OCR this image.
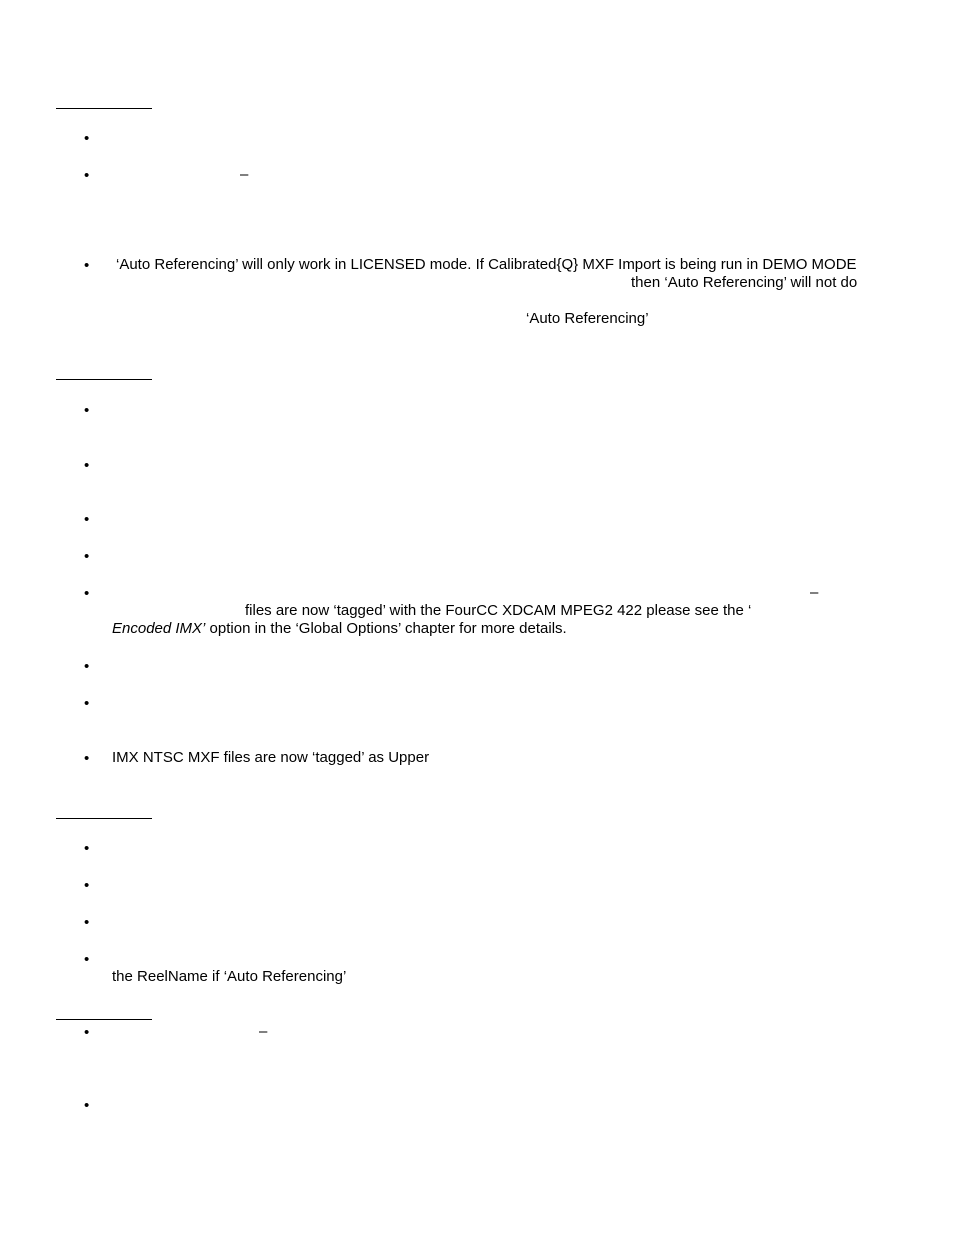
•
•	–
• ‘Auto Referencing’ will only work in LICENSED mode. If Calibrated{Q} MXF Import is being run in DEMO MODE
then ‘Auto Referencing’ will not do
‘Auto Referencing’
•
•
•
•
•	–
files are now ‘tagged’ with the FourCC XDCAM MPEG2 422 please see the ‘
Encoded IMX’ option in the ‘Global Options’ chapter for more details.
•
•
• IMX NTSC MXF files are now ‘tagged’ as Upper
•
•
•
•
the ReelName if ‘Auto Referencing’
•	–
•
